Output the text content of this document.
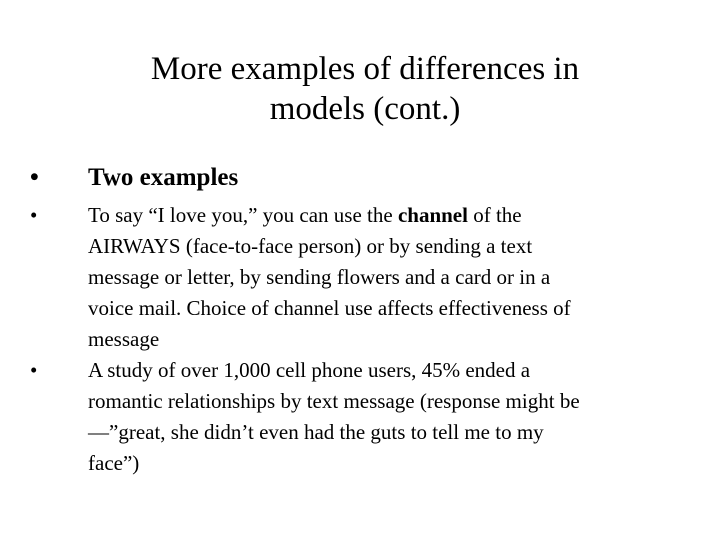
More examples of differences in
models (cont.)
• Two examples
• To say “I love you,” you can use the channel of the
AIRWAYS (face-to-face person) or by sending a text
message or letter, by sending flowers and a card or in a
voice mail. Choice of channel use affects effectiveness of
message
• A study of over 1,000 cell phone users, 45% ended a
romantic relationships by text message (response might be
—”great, she didn’t even had the guts to tell me to my
face”)
